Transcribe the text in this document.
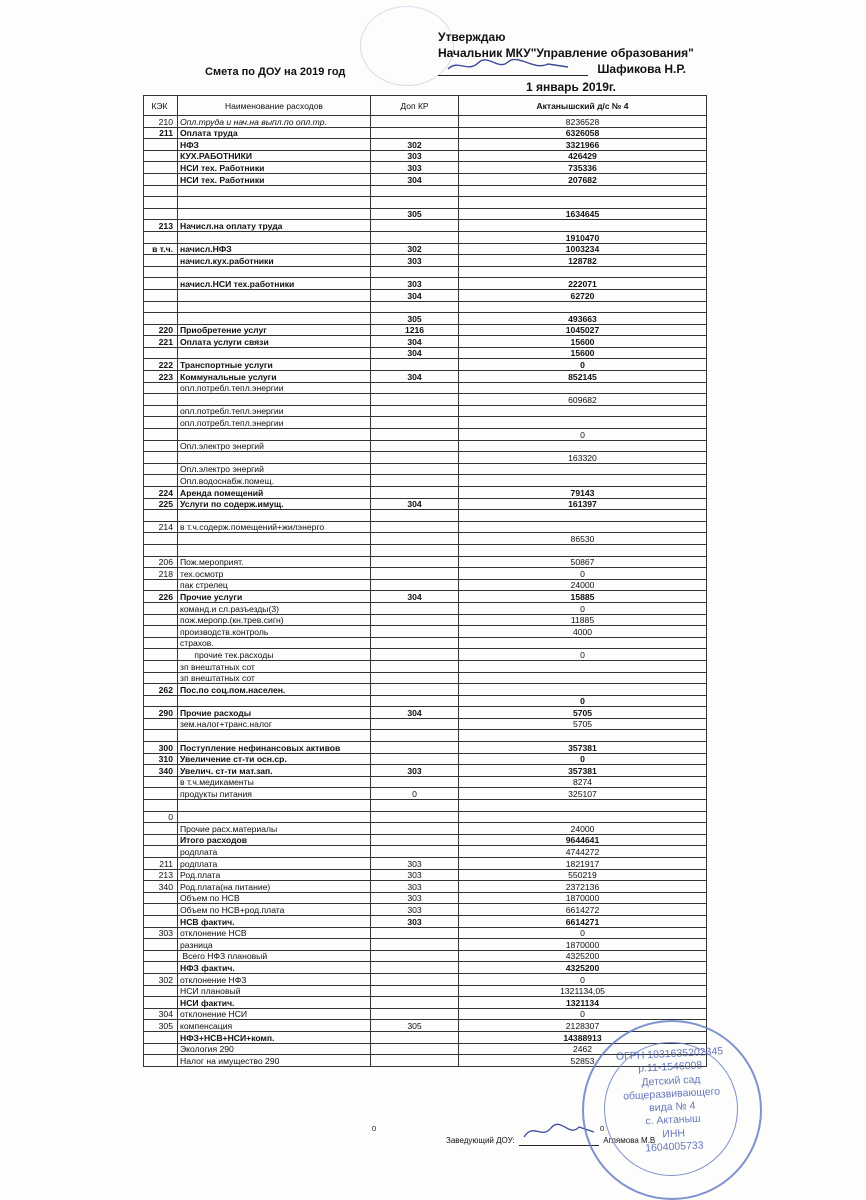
Утверждаю
Начальник МКУ"Управление образования"
Шафикова Н.Р.
1 январь 2019г.
Смета по ДОУ на 2019 год
КЭК	Наименование расходов	Доп КР	Актанышский д/с № 4
210	Опл.труда и нач.на выпл.по опл.тр.		8236528
211	Оплата труда		6326058
	НФЗ	302	3321966
	КУХ.РАБОТНИКИ	303	426429
	НСИ тех. Работники	303	735336
	НСИ тех. Работники	304	207682

		305	1634645
213	Начисл.на оплату труда		
			1910470
в т.ч.	начисл.НФЗ	302	1003234
	начисл.кух.работники	303	128782

	начисл.НСИ тех.работники	303	222071
		304	62720

		305	493663
220	Приобретение услуг	1216	1045027
221	Оплата услуги связи	304	15600
		304	15600
222	Транспортные услуги		0
223	Коммунальные услуги	304	852145
	опл.потребл.тепл.энергии		
			609682
	опл.потребл.тепл.энергии		
	опл.потребл.тепл.энергии		
			0
	Опл.электро энергий		
			163320
	Опл.электро энергий		
	Опл.водоснабж.помещ.		
224	Аренда помещений		79143
225	Услуги по содерж.имущ.	304	161397

214	в т.ч.содерж.помещений+жилэнерго		
			86530

206	Пож.мероприят.		50867
218	тех.осмотр		0
	пак стрелец		24000
226	Прочие услуги	304	15885
	команд.и сл.разъезды(3)		0
	пож.меропр.(кн.трев.сигн)		11885
	производств.контроль		4000
	страхов.		
	прочие тек.расходы		0
	зп внештатных сот		
	зп внештатных сот		
262	Пос.по соц.пом.населен.		
			0
290	Прочие расходы	304	5705
	зем.налог+транс.налог		5705

300	Поступление нефинансовых активов		357381
310	Увеличение ст-ти осн.ср.		0
340	Увелич. ст-ти мат.зап.	303	357381
	в т.ч.медикаменты		8274
	продукты питания	0	325107

0			
	Прочие расх.материалы		24000
	Итого расходов		9644641
	родплата		4744272
211	родплата	303	1821917
213	Род.плата	303	550219
340	Род.плата(на питание)	303	2372136
	Объем по НСВ	303	1870000
	Объем по НСВ+род.плата	303	6614272
	НСВ фактич.	303	6614271
303	отклонение НСВ		0
	разница		1870000
	Всего НФЗ плановый		4325200
	НФЗ фактич.		4325200
302	отклонение НФЗ		0
	НСИ плановый		1321134,05
	НСИ фактич.		1321134
304	отклонение НСИ		0
305	компенсация	305	2128307
	НФЗ+НСВ+НСИ+комп.		14388913
	Экология 290		2462
	Налог на имущество 290		52853
0	0
Заведующий ДОУ:	Аглямова М.В
ОГРН 1031635202345
р.11-1546008
Детский сад
общеразвивающего
вида № 4
с. Актаныш
ИНН
1604005733
